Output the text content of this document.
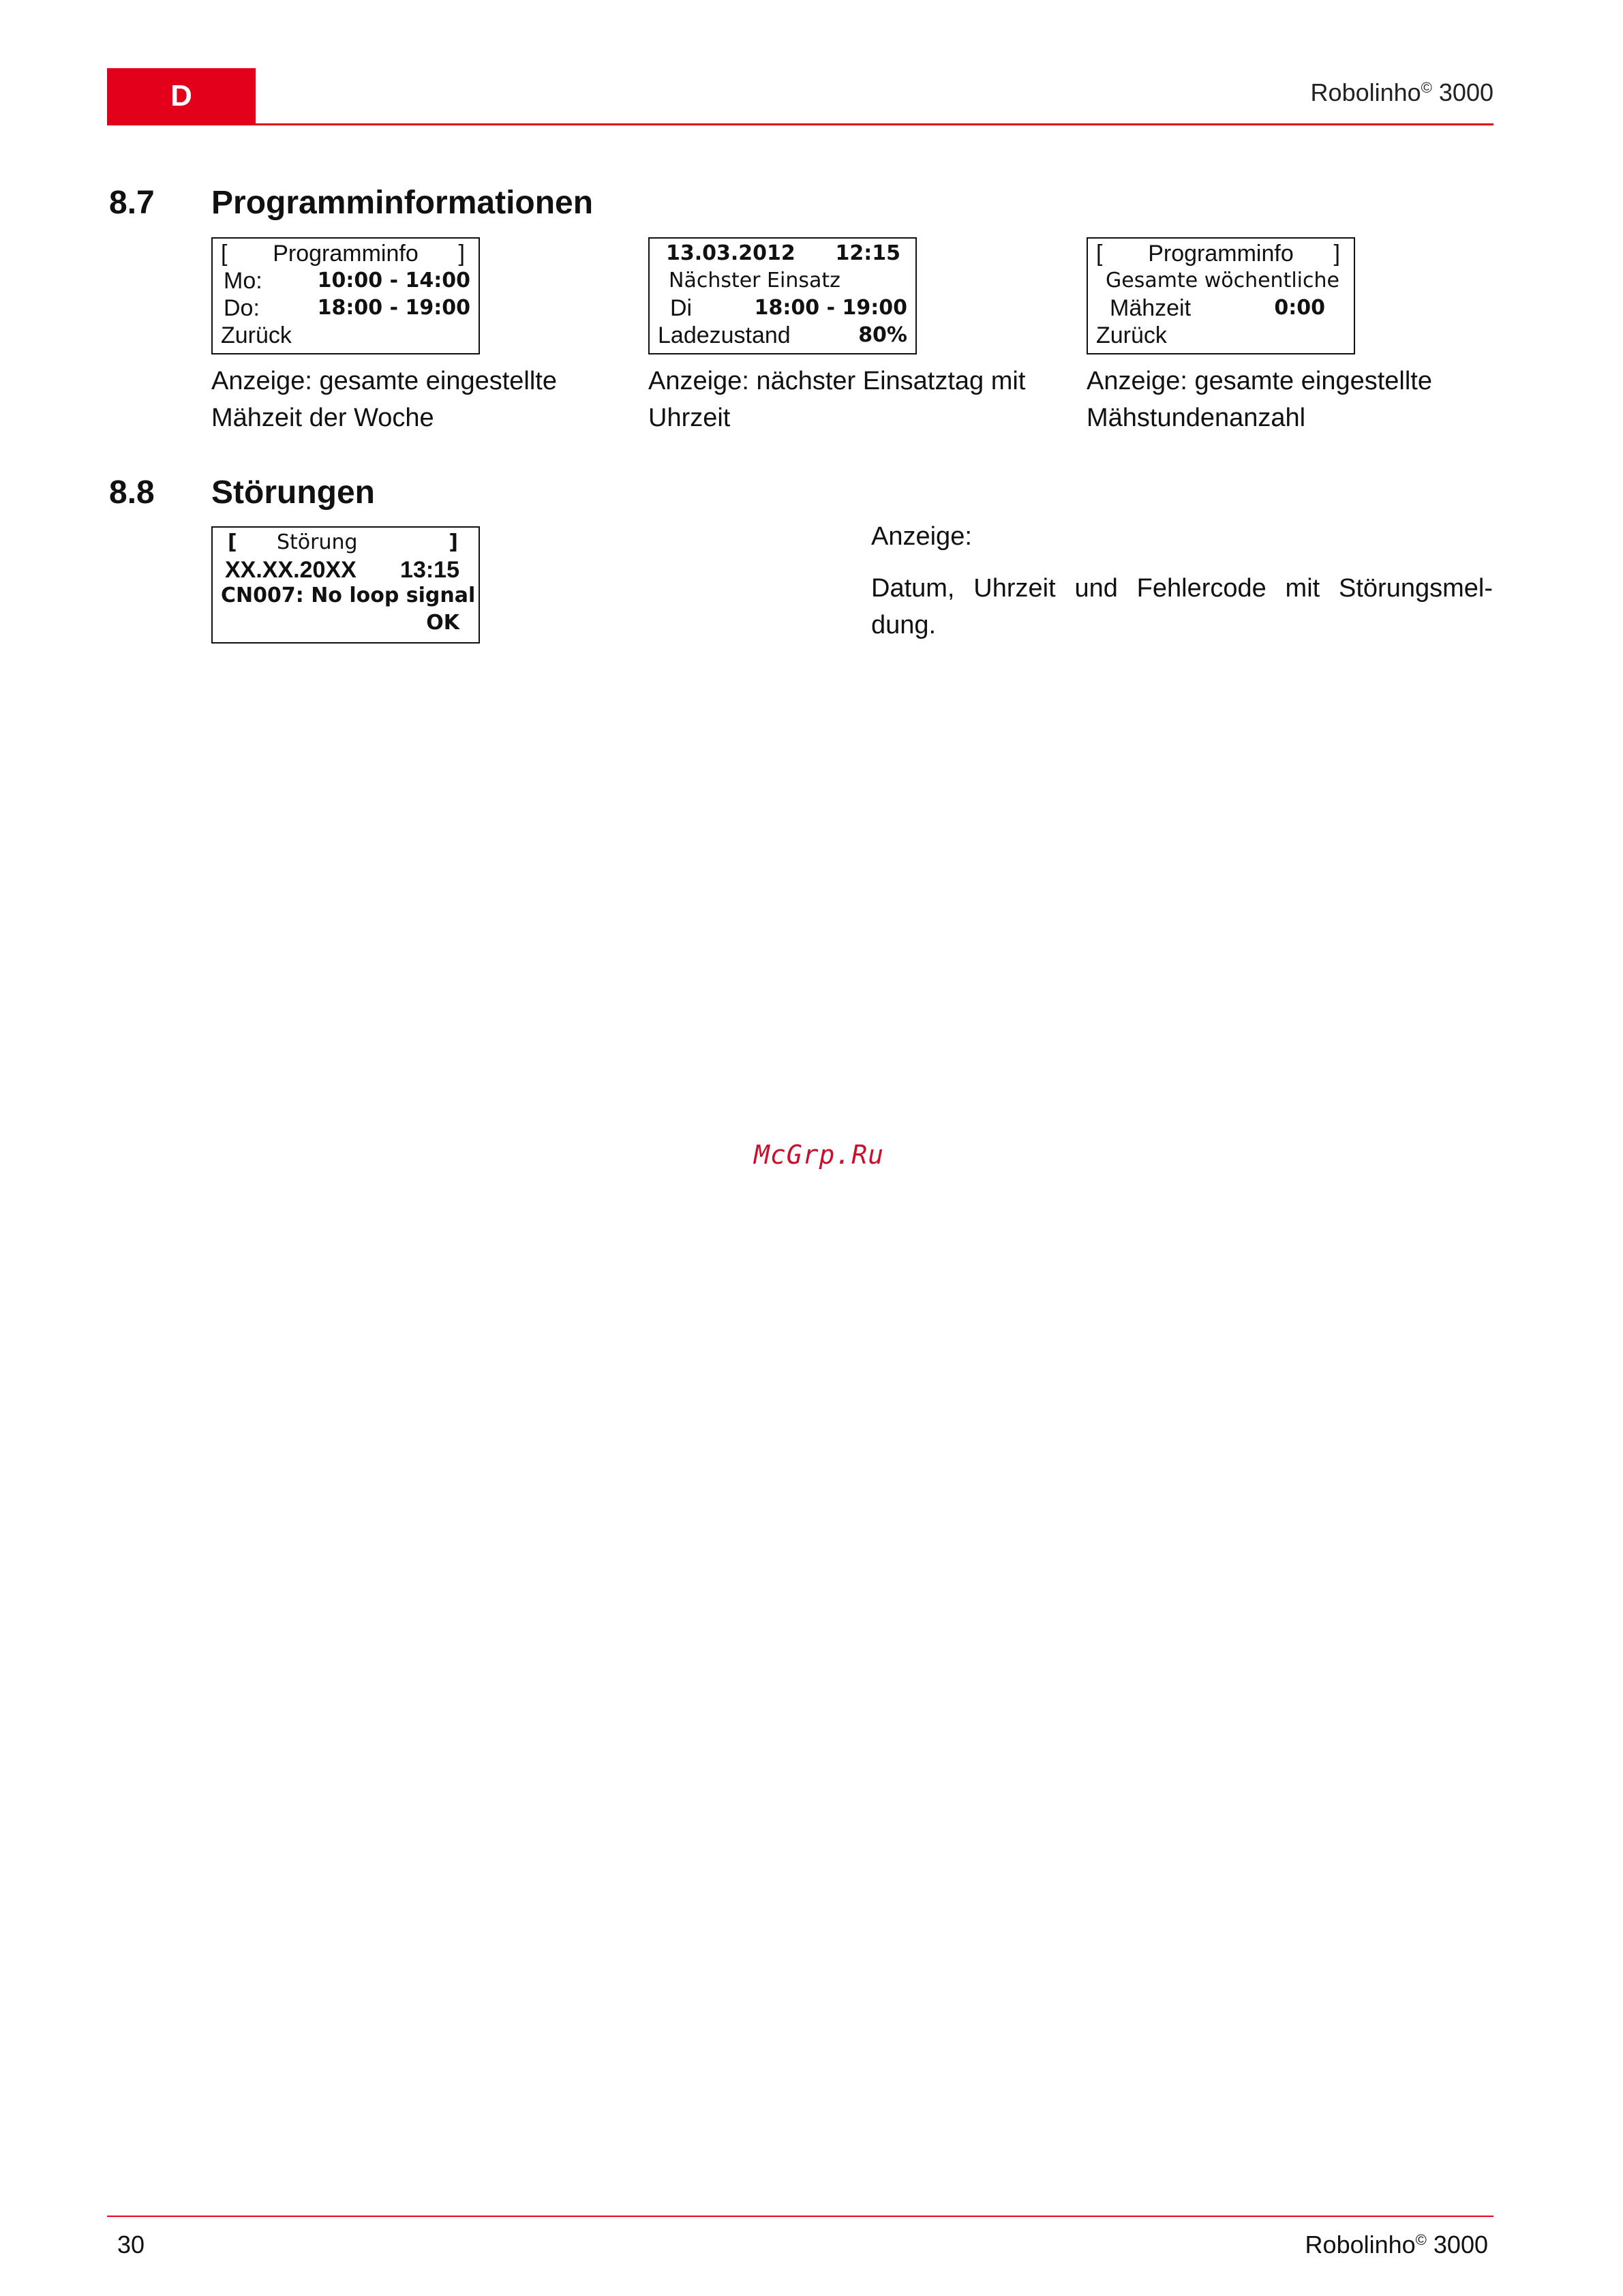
D	Robolinho© 3000
8.7 Programminformationen
[	Programminfo	]
Mo:	10:00 - 14:00
Do:	18:00 - 19:00
Zurück
Anzeige: gesamte eingestellte
Mähzeit der Woche
13.03.2012 12:15
Nächster Einsatz
Di	18:00 - 19:00
Ladezustand	80%
Anzeige: nächster Einsatztag mit
Uhrzeit
[	Programminfo	]
Gesamte wöchentliche
Mähzeit	0:00
Zurück
Anzeige: gesamte eingestellte
Mähstundenanzahl
8.8 Störungen
[ Störung	]
XX.XX.20XX 13:15
CN007: No loop signal
OK
Anzeige:
Datum, Uhrzeit und Fehlercode mit Störungsmel-dung.
McGrp.Ru
30	Robolinho© 3000
